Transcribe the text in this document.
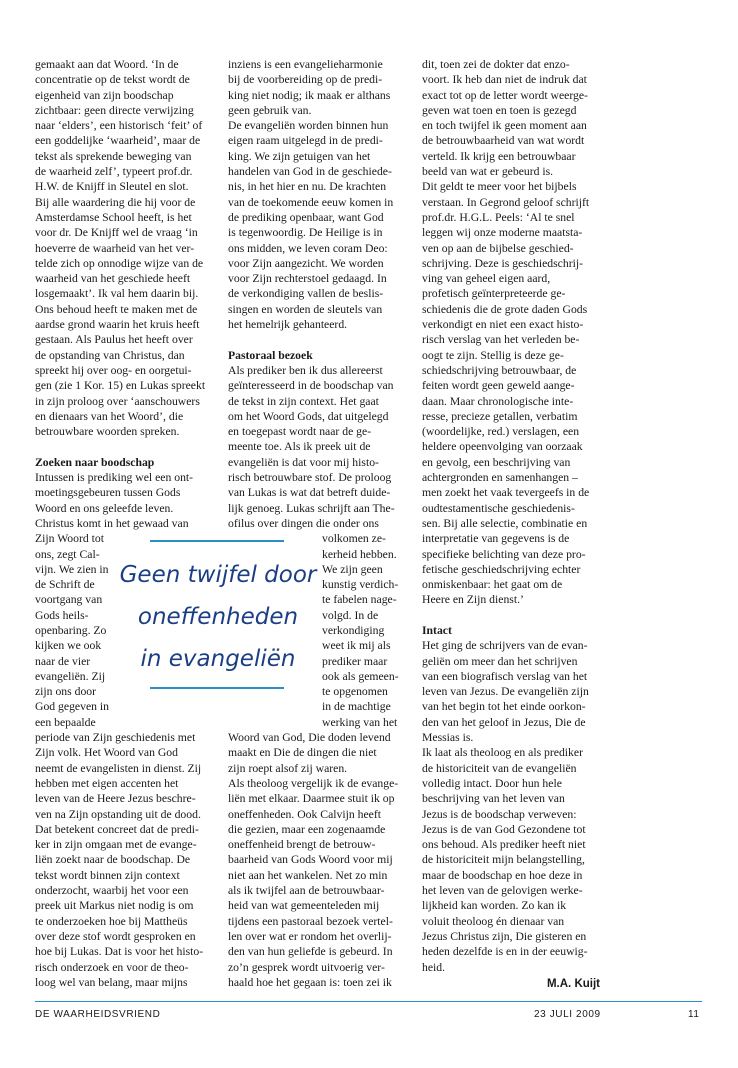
gemaakt aan dat Woord. ‘In de
concentratie op de tekst wordt de
eigenheid van zijn boodschap
zichtbaar: geen directe verwijzing
naar ‘elders’, een historisch ‘feit’ of
een goddelijke ‘waarheid’, maar de
tekst als sprekende beweging van
de waarheid zelf’, typeert prof.dr.
H.W. de Knijff in Sleutel en slot.
Bij alle waardering die hij voor de
Amsterdamse School heeft, is het
voor dr. De Knijff wel de vraag ‘in
hoeverre de waarheid van het ver-
telde zich op onnodige wijze van de
waarheid van het geschiede heeft
losgemaakt’. Ik val hem daarin bij.
Ons behoud heeft te maken met de
aardse grond waarin het kruis heeft
gestaan. Als Paulus het heeft over
de opstanding van Christus, dan
spreekt hij over oog- en oorgetui-
gen (zie 1 Kor. 15) en Lukas spreekt
in zijn proloog over ‘aanschouwers
en dienaars van het Woord’, die
betrouwbare woorden spreken.
Zoeken naar boodschap
Intussen is prediking wel een ont-
moetingsgebeuren tussen Gods
Woord en ons geleefde leven.
Christus komt in het gewaad van
Zijn Woord tot
ons, zegt Cal-
vijn. We zien in
de Schrift de
voortgang van
Gods heils-
openbaring. Zo
kijken we ook
naar de vier
evangeliën. Zij
zijn ons door
God gegeven in
een bepaalde
periode van Zijn geschiedenis met
Zijn volk. Het Woord van God
neemt de evangelisten in dienst. Zij
hebben met eigen accenten het
leven van de Heere Jezus beschre-
ven na Zijn opstanding uit de dood.
Dat betekent concreet dat de predi-
ker in zijn omgaan met de evange-
liën zoekt naar de boodschap. De
tekst wordt binnen zijn context
onderzocht, waarbij het voor een
preek uit Markus niet nodig is om
te onderzoeken hoe bij Mattheüs
over deze stof wordt gesproken en
hoe bij Lukas. Dat is voor het histo-
risch onderzoek en voor de theo-
loog wel van belang, maar mijns
inziens is een evangelieharmonie
bij de voorbereiding op de predi-
king niet nodig; ik maak er althans
geen gebruik van.
De evangeliën worden binnen hun
eigen raam uitgelegd in de predi-
king. We zijn getuigen van het
handelen van God in de geschiede-
nis, in het hier en nu. De krachten
van de toekomende eeuw komen in
de prediking openbaar, want God
is tegenwoordig. De Heilige is in
ons midden, we leven coram Deo:
voor Zijn aangezicht. We worden
voor Zijn rechterstoel gedaagd. In
de verkondiging vallen de beslis-
singen en worden de sleutels van
het hemelrijk gehanteerd.
Pastoraal bezoek
Als prediker ben ik dus allereerst
geïnteresseerd in de boodschap van
de tekst in zijn context. Het gaat
om het Woord Gods, dat uitgelegd
en toegepast wordt naar de ge-
meente toe. Als ik preek uit de
evangeliën is dat voor mij histo-
risch betrouwbare stof. De proloog
van Lukas is wat dat betreft duide-
lijk genoeg. Lukas schrijft aan The-
ofilus over dingen die onder ons
volkomen ze-
kerheid hebben.
We zijn geen
kunstig verdich-
te fabelen nage-
volgd. In de
verkondiging
weet ik mij als
prediker maar
ook als gemeen-
te opgenomen
in de machtige
werking van het
Woord van God, Die doden levend
maakt en Die de dingen die niet
zijn roept alsof zij waren.
Als theoloog vergelijk ik de evange-
liën met elkaar. Daarmee stuit ik op
oneffenheden. Ook Calvijn heeft
die gezien, maar een zogenaamde
oneffenheid brengt de betrouw-
baarheid van Gods Woord voor mij
niet aan het wankelen. Net zo min
als ik twijfel aan de betrouwbaar-
heid van wat gemeenteleden mij
tijdens een pastoraal bezoek vertel-
len over wat er rondom het overlij-
den van hun geliefde is gebeurd. In
zo’n gesprek wordt uitvoerig ver-
haald hoe het gegaan is: toen zei ik
dit, toen zei de dokter dat enzo-
voort. Ik heb dan niet de indruk dat
exact tot op de letter wordt weerge-
geven wat toen en toen is gezegd
en toch twijfel ik geen moment aan
de betrouwbaarheid van wat wordt
verteld. Ik krijg een betrouwbaar
beeld van wat er gebeurd is.
Dit geldt te meer voor het bijbels
verstaan. In Gegrond geloof schrijft
prof.dr. H.G.L. Peels: ‘Al te snel
leggen wij onze moderne maatsta-
ven op aan de bijbelse geschied-
schrijving. Deze is geschiedschrij-
ving van geheel eigen aard,
profetisch geïnterpreteerde ge-
schiedenis die de grote daden Gods
verkondigt en niet een exact histo-
risch verslag van het verleden be-
oogt te zijn. Stellig is deze ge-
schiedschrijving betrouwbaar, de
feiten wordt geen geweld aange-
daan. Maar chronologische inte-
resse, precieze getallen, verbatim
(woordelijke, red.) verslagen, een
heldere opeenvolging van oorzaak
en gevolg, een beschrijving van
achtergronden en samenhangen –
men zoekt het vaak tevergeefs in de
oudtestamentische geschiedenis-
sen. Bij alle selectie, combinatie en
interpretatie van gegevens is de
specifieke belichting van deze pro-
fetische geschiedschrijving echter
onmiskenbaar: het gaat om de
Heere en Zijn dienst.’
Intact
Het ging de schrijvers van de evan-
geliën om meer dan het schrijven
van een biografisch verslag van het
leven van Jezus. De evangeliën zijn
van het begin tot het einde oorkon-
den van het geloof in Jezus, Die de
Messias is.
Ik laat als theoloog en als prediker
de historiciteit van de evangeliën
volledig intact. Door hun hele
beschrijving van het leven van
Jezus is de boodschap verweven:
Jezus is de van God Gezondene tot
ons behoud. Als prediker heeft niet
de historiciteit mijn belangstelling,
maar de boodschap en hoe deze in
het leven van de gelovigen werke-
lijkheid kan worden. Zo kan ik
voluit theoloog én dienaar van
Jezus Christus zijn, Die gisteren en
heden dezelfde is en in der eeuwig-
heid.
M.A. Kuijt
Geen twijfel door
oneffenheden
in evangeliën
DE WAARHEIDSVRIEND	23 JULI 2009	11
